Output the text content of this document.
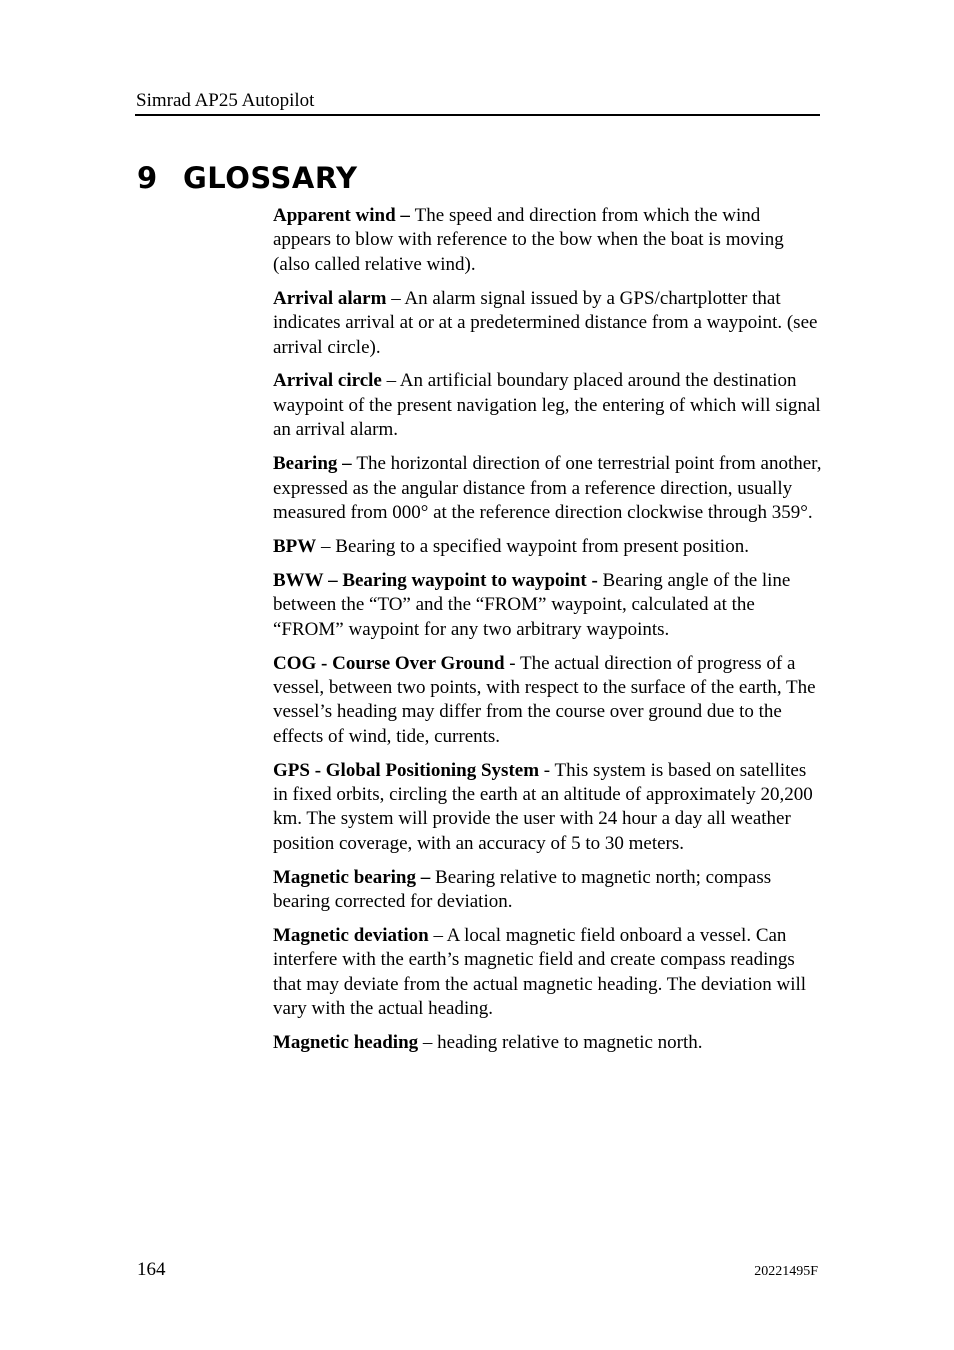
Simrad AP25 Autopilot
9 GLOSSARY

Apparent wind – The speed and direction from which the wind appears to blow with reference to the bow when the boat is moving (also called relative wind).

Arrival alarm – An alarm signal issued by a GPS/chartplotter that indicates arrival at or at a predetermined distance from a waypoint. (see arrival circle).

Arrival circle – An artificial boundary placed around the destination waypoint of the present navigation leg, the entering of which will signal an arrival alarm.

Bearing – The horizontal direction of one terrestrial point from another, expressed as the angular distance from a reference direction, usually measured from 000° at the reference direction clockwise through 359°.

BPW – Bearing to a specified waypoint from present position.

BWW – Bearing waypoint to waypoint - Bearing angle of the line between the “TO” and the “FROM” waypoint, calculated at the “FROM” waypoint for any two arbitrary waypoints.

COG - Course Over Ground - The actual direction of progress of a vessel, between two points, with respect to the surface of the earth, The vessel’s heading may differ from the course over ground due to the effects of wind, tide, currents.

GPS - Global Positioning System - This system is based on satellites in fixed orbits, circling the earth at an altitude of approximately 20,200 km. The system will provide the user with 24 hour a day all weather position coverage, with an accuracy of 5 to 30 meters.

Magnetic bearing – Bearing relative to magnetic north; compass bearing corrected for deviation.

Magnetic deviation – A local magnetic field onboard a vessel. Can interfere with the earth’s magnetic field and create compass readings that may deviate from the actual magnetic heading. The deviation will vary with the actual heading.

Magnetic heading – heading relative to magnetic north.

164	20221495F
